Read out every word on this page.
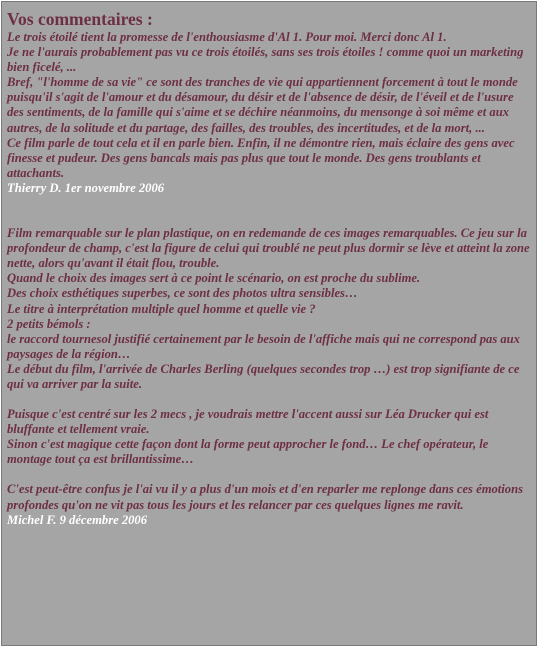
Vos commentaires :

Le trois étoilé tient la promesse de l'enthousiasme d'Al 1. Pour moi. Merci donc Al 1.

Je ne l'aurais probablement pas vu ce trois étoilés, sans ses trois étoiles ! comme quoi un marketing bien ficelé, ...

Bref, "l'homme de sa vie" ce sont des tranches de vie qui appartiennent forcement à tout le monde puisqu'il s'agit de l'amour et du désamour, du désir et de l'absence de désir, de l'éveil et de l'usure des sentiments, de la famille qui s'aime et se déchire néanmoins, du mensonge à soi même et aux autres, de la solitude et du partage, des failles, des troubles, des incertitudes, et de la mort, ...

Ce film parle de tout cela et il en parle bien. Enfin, il ne démontre rien, mais éclaire des gens avec finesse et pudeur. Des gens bancals mais pas plus que tout le monde. Des gens troublants et attachants.

Thierry D. 1er novembre 2006

Film remarquable sur le plan plastique, on en redemande de ces images remarquables. Ce jeu sur la profondeur de champ, c'est la figure de celui qui troublé ne peut plus dormir se lève et atteint la zone nette, alors qu'avant il était flou, trouble.

Quand le choix des images sert à ce point le scénario, on est proche du sublime.

Des choix esthétiques superbes, ce sont des photos ultra sensibles…

Le titre à interprétation multiple quel homme et quelle vie ?

2 petits bémols :

le raccord tournesol justifié certainement par le besoin de l'affiche mais qui ne correspond pas aux paysages de la région…

Le début du film, l'arrivée de Charles Berling (quelques secondes trop …) est trop signifiante de ce qui va arriver par la suite.

Puisque c'est centré sur les 2 mecs , je voudrais mettre l'accent aussi sur Léa Drucker qui est bluffante et tellement vraie.

Sinon c'est magique cette façon dont la forme peut approcher le fond… Le chef opérateur, le montage tout ça est brillantissime…

C'est peut-être confus je l'ai vu il y a plus d'un mois et d'en reparler me replonge dans ces émotions profondes qu'on ne vit pas tous les jours et les relancer par ces quelques lignes me ravit.

Michel F. 9 décembre 2006
